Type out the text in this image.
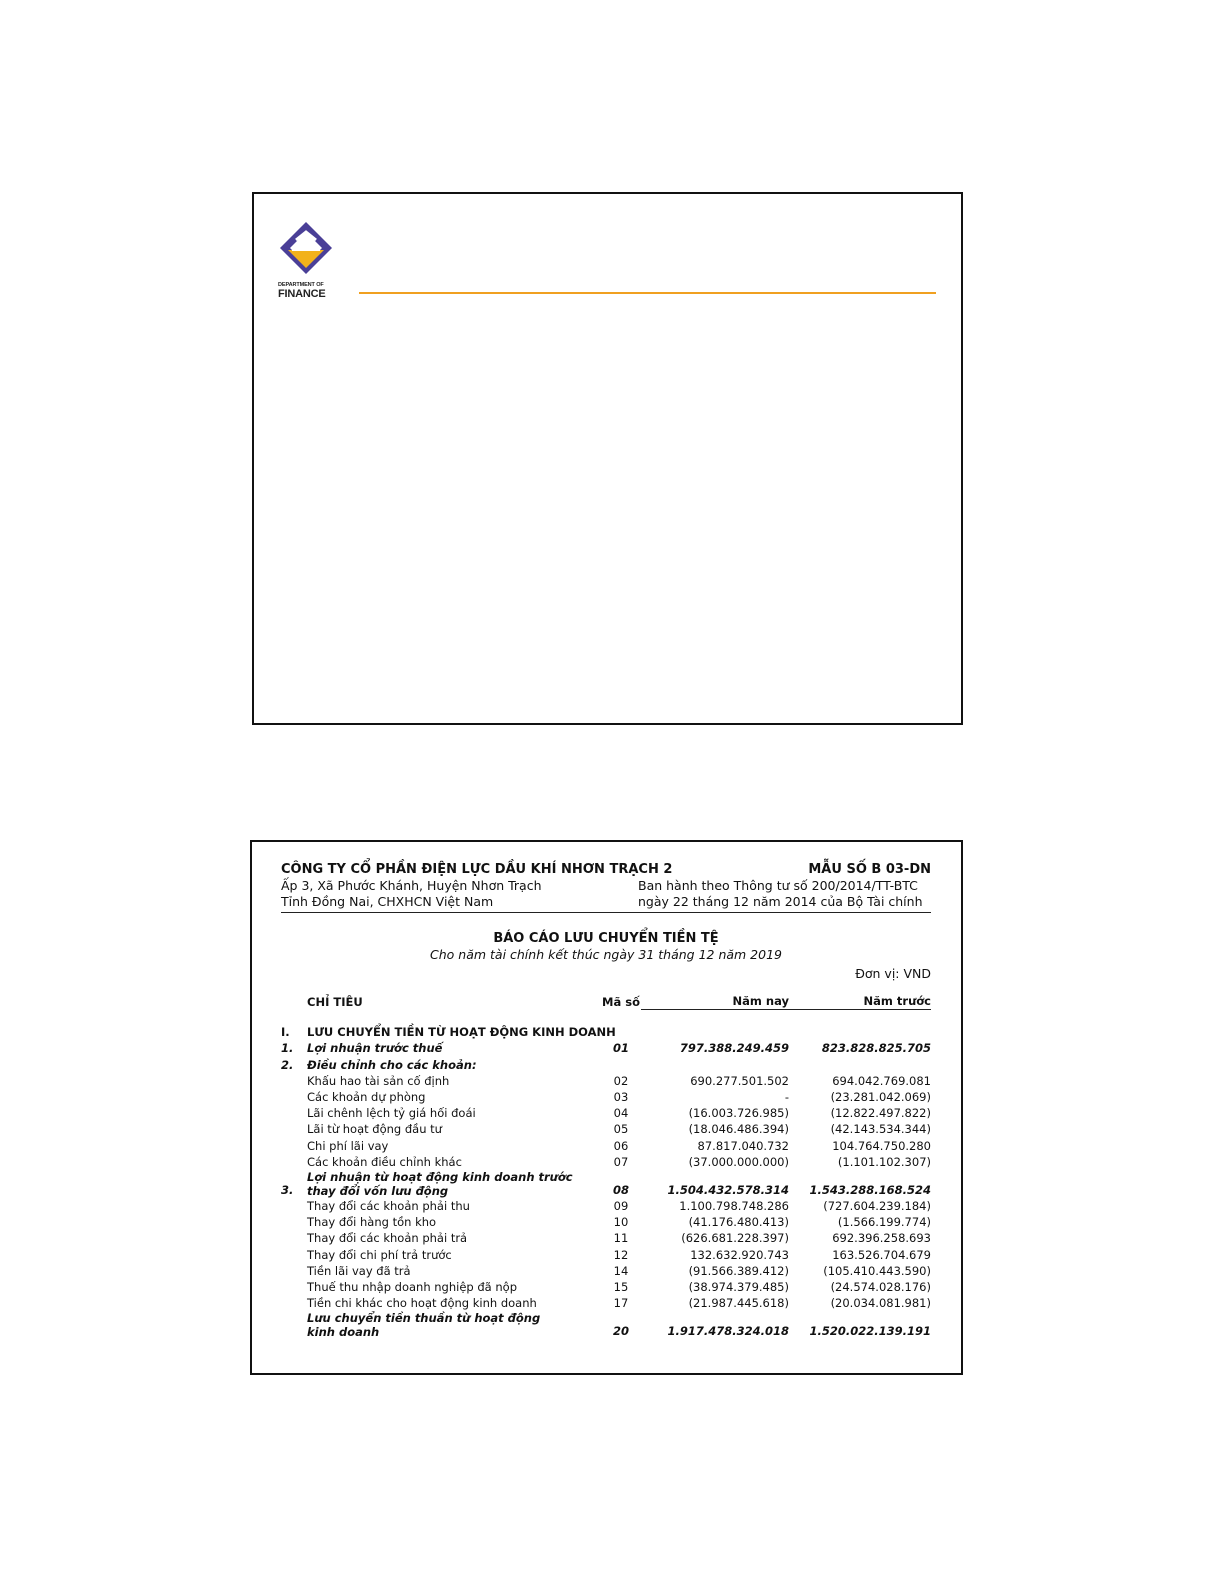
DEPARTMENT OF
FINANCE
CÔNG TY CỔ PHẦN ĐIỆN LỰC DẦU KHÍ NHƠN TRẠCH 2	MẪU SỐ B 03-DN
Ấp 3, Xã Phước Khánh, Huyện Nhơn Trạch	Ban hành theo Thông tư số 200/2014/TT-BTC
Tỉnh Đồng Nai, CHXHCN Việt Nam	ngày 22 tháng 12 năm 2014 của Bộ Tài chính
BÁO CÁO LƯU CHUYỂN TIỀN TỆ
Cho năm tài chính kết thúc ngày 31 tháng 12 năm 2019
Đơn vị: VND
	CHỈ TIÊU	Mã số	Năm nay	Năm trước

I.	LƯU CHUYỂN TIỀN TỪ HOẠT ĐỘNG KINH DOANH			
1.	Lợi nhuận trước thuế	01	797.388.249.459	823.828.825.705
2.	Điều chỉnh cho các khoản:			
	Khấu hao tài sản cố định	02	690.277.501.502	694.042.769.081
	Các khoản dự phòng	03	-	(23.281.042.069)
	Lãi chênh lệch tỷ giá hối đoái	04	(16.003.726.985)	(12.822.497.822)
	Lãi từ hoạt động đầu tư	05	(18.046.486.394)	(42.143.534.344)
	Chi phí lãi vay	06	87.817.040.732	104.764.750.280
	Các khoản điều chỉnh khác	07	(37.000.000.000)	(1.101.102.307)
3.	Lợi nhuận từ hoạt động kinh doanh trước
thay đổi vốn lưu động	08	1.504.432.578.314	1.543.288.168.524
	Thay đổi các khoản phải thu	09	1.100.798.748.286	(727.604.239.184)
	Thay đổi hàng tồn kho	10	(41.176.480.413)	(1.566.199.774)
	Thay đổi các khoản phải trả	11	(626.681.228.397)	692.396.258.693
	Thay đổi chi phí trả trước	12	132.632.920.743	163.526.704.679
	Tiền lãi vay đã trả	14	(91.566.389.412)	(105.410.443.590)
	Thuế thu nhập doanh nghiệp đã nộp	15	(38.974.379.485)	(24.574.028.176)
	Tiền chi khác cho hoạt động kinh doanh	17	(21.987.445.618)	(20.034.081.981)
	Lưu chuyển tiền thuần từ hoạt động
kinh doanh	20	1.917.478.324.018	1.520.022.139.191
